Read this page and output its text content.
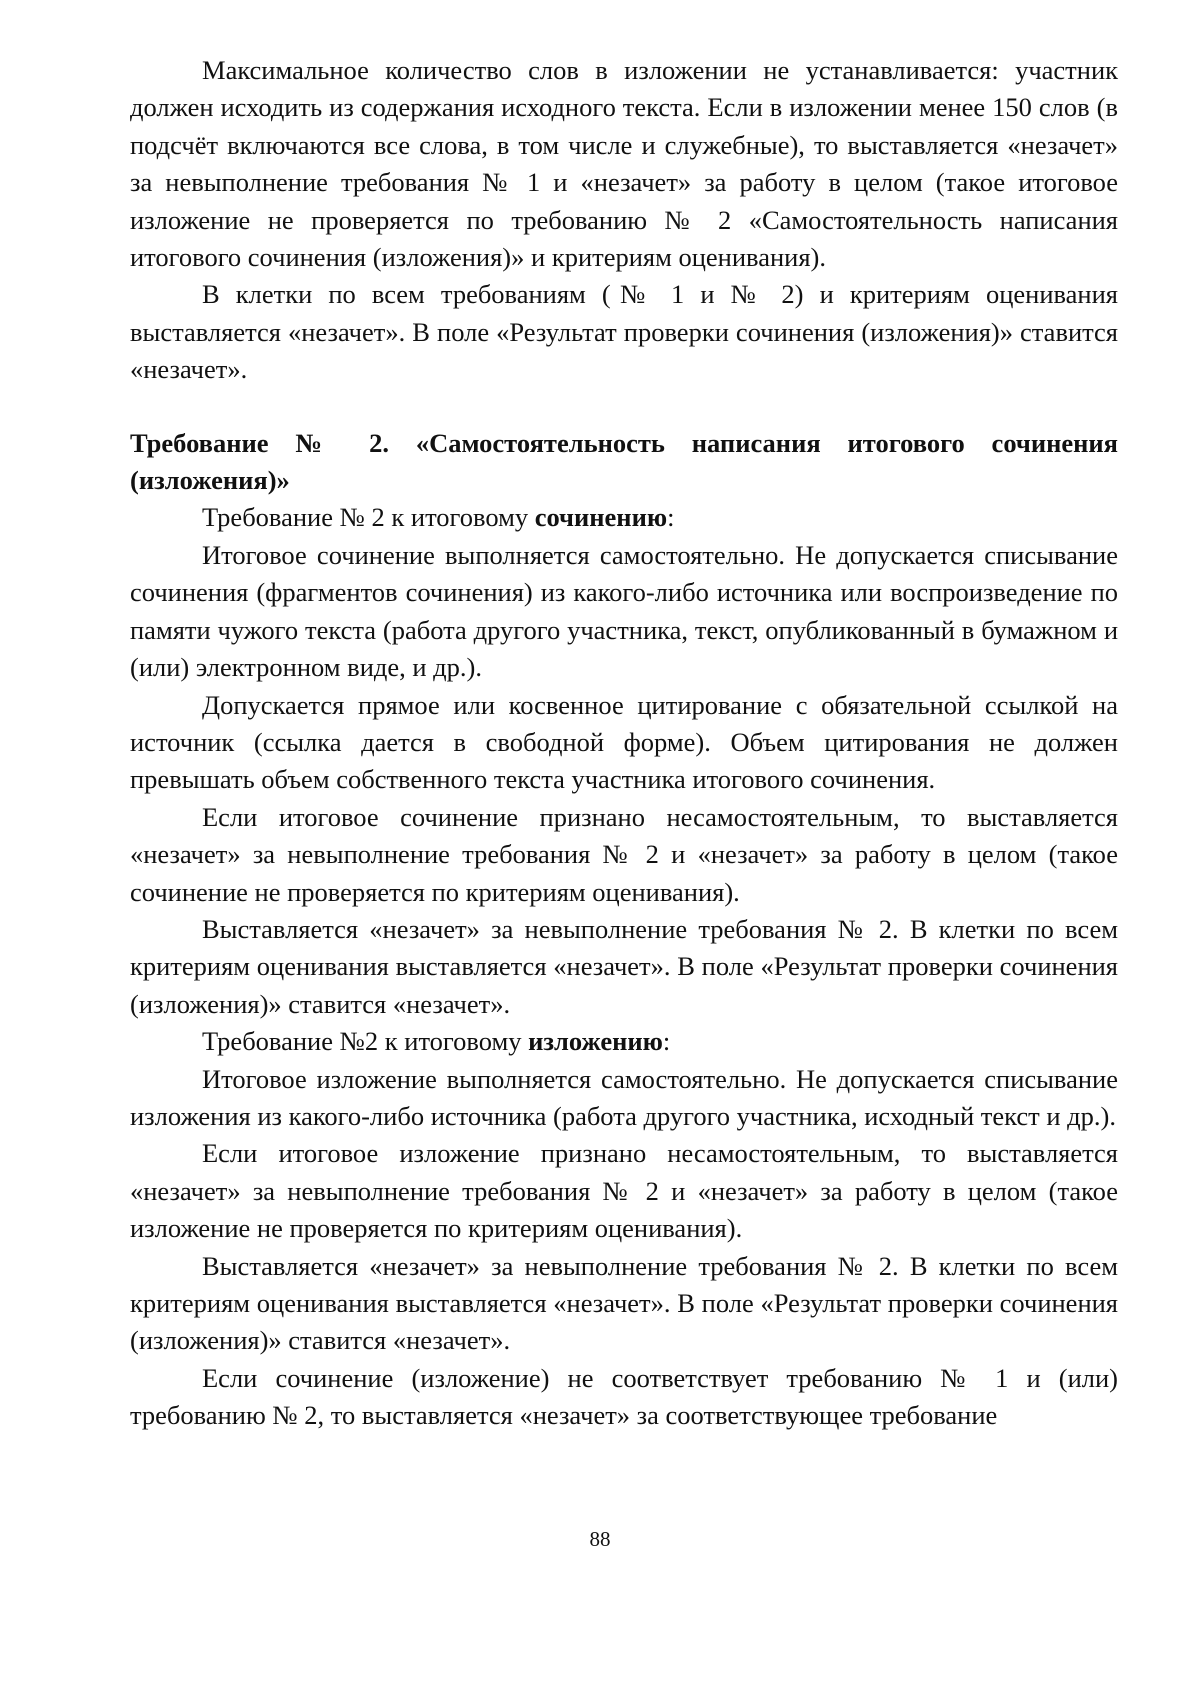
Максимальное количество слов в изложении не устанавливается: участник должен исходить из содержания исходного текста. Если в изложении менее 150 слов (в подсчёт включаются все слова, в том числе и служебные), то выставляется «незачет» за невыполнение требования № 1 и «незачет» за работу в целом (такое итоговое изложение не проверяется по требованию № 2 «Самостоятельность написания итогового сочинения (изложения)» и критериям оценивания).

В клетки по всем требованиям (№ 1 и № 2) и критериям оценивания выставляется «незачет». В поле «Результат проверки сочинения (изложения)» ставится «незачет».

Требование № 2. «Самостоятельность написания итогового сочинения (изложения)»

Требование № 2 к итоговому сочинению:

Итоговое сочинение выполняется самостоятельно. Не допускается списывание сочинения (фрагментов сочинения) из какого-либо источника или воспроизведение по памяти чужого текста (работа другого участника, текст, опубликованный в бумажном и (или) электронном виде, и др.).

Допускается прямое или косвенное цитирование с обязательной ссылкой на источник (ссылка дается в свободной форме). Объем цитирования не должен превышать объем собственного текста участника итогового сочинения.

Если итоговое сочинение признано несамостоятельным, то выставляется «незачет» за невыполнение требования № 2 и «незачет» за работу в целом (такое сочинение не проверяется по критериям оценивания).

Выставляется «незачет» за невыполнение требования № 2. В клетки по всем критериям оценивания выставляется «незачет». В поле «Результат проверки сочинения (изложения)» ставится «незачет».

Требование №2 к итоговому изложению:

Итоговое изложение выполняется самостоятельно. Не допускается списывание изложения из какого-либо источника (работа другого участника, исходный текст и др.).

Если итоговое изложение признано несамостоятельным, то выставляется «незачет» за невыполнение требования № 2 и «незачет» за работу в целом (такое изложение не проверяется по критериям оценивания).

Выставляется «незачет» за невыполнение требования № 2. В клетки по всем критериям оценивания выставляется «незачет». В поле «Результат проверки сочинения (изложения)» ставится «незачет».

Если сочинение (изложение) не соответствует требованию № 1 и (или) требованию № 2, то выставляется «незачет» за соответствующее требование

88
